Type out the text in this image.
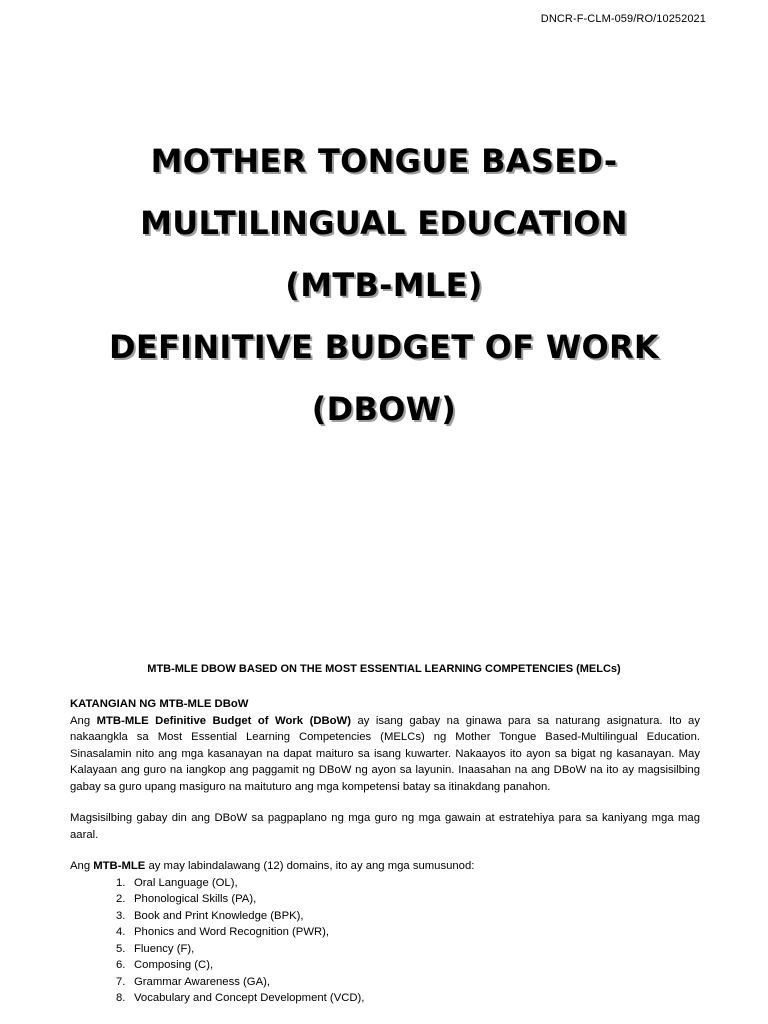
DNCR-F-CLM-059/RO/10252021
MOTHER TONGUE BASED-
MULTILINGUAL EDUCATION
(MTB-MLE)
DEFINITIVE BUDGET OF WORK
(DBOW)
MTB-MLE DBOW BASED ON THE MOST ESSENTIAL LEARNING COMPETENCIES (MELCs)
KATANGIAN NG MTB-MLE DBoW

Ang MTB-MLE Definitive Budget of Work (DBoW) ay isang gabay na ginawa para sa naturang asignatura. Ito ay nakaangkla sa Most Essential Learning Competencies (MELCs) ng Mother Tongue Based-Multilingual Education. Sinasalamin nito ang mga kasanayan na dapat maituro sa isang kuwarter. Nakaayos ito ayon sa bigat ng kasanayan. May Kalayaan ang guro na iangkop ang paggamit ng DBoW ng ayon sa layunin. Inaasahan na ang DBoW na ito ay magsisilbing gabay sa guro upang masiguro na maituturo ang mga kompetensi batay sa itinakdang panahon.

Magsisilbing gabay din ang DBoW sa pagpaplano ng mga guro ng mga gawain at estratehiya para sa kaniyang mga mag aaral.

Ang MTB-MLE ay may labindalawang (12) domains, ito ay ang mga sumusunod:

1. Oral Language (OL),
2. Phonological Skills (PA),
3. Book and Print Knowledge (BPK),
4. Phonics and Word Recognition (PWR),
5. Fluency (F),
6. Composing (C),
7. Grammar Awareness (GA),
8. Vocabulary and Concept Development (VCD),
